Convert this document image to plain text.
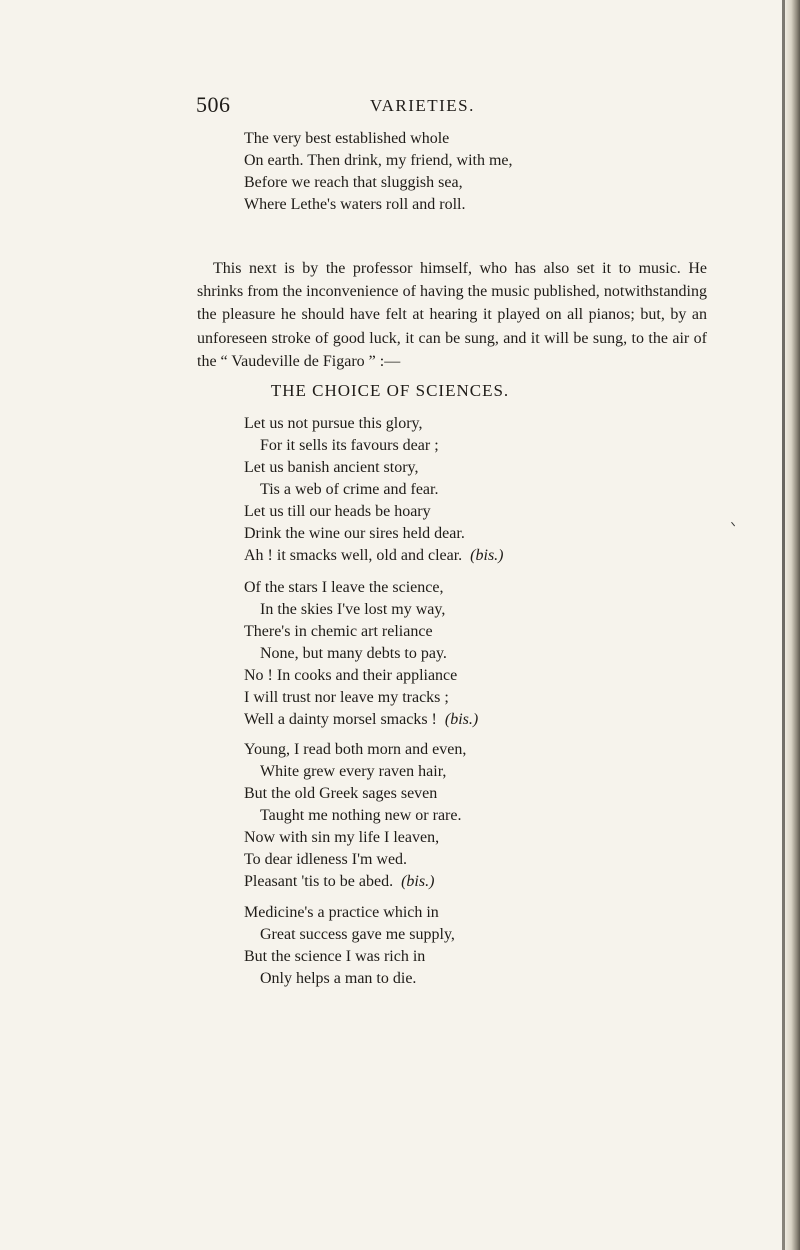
506	VARIETIES.
The very best established whole
On earth. Then drink, my friend, with me,
Before we reach that sluggish sea,
Where Lethe's waters roll and roll.

This next is by the professor himself, who has also set it to music. He shrinks from the inconvenience of having the music published, notwithstanding the pleasure he should have felt at hearing it played on all pianos; but, by an unforeseen stroke of good luck, it can be sung, and it will be sung, to the air of the “ Vaudeville de Figaro ” :—

THE CHOICE OF SCIENCES.
Let us not pursue this glory,
For it sells its favours dear ;
Let us banish ancient story,
Tis a web of crime and fear.
Let us till our heads be hoary
Drink the wine our sires held dear.
Ah ! it smacks well, old and clear. (bis.)
Of the stars I leave the science,
In the skies I've lost my way,
There's in chemic art reliance
None, but many debts to pay.
No ! In cooks and their appliance
I will trust nor leave my tracks ;
Well a dainty morsel smacks ! (bis.)
Young, I read both morn and even,
White grew every raven hair,
But the old Greek sages seven
Taught me nothing new or rare.
Now with sin my life I leaven,
To dear idleness I'm wed.
Pleasant 'tis to be abed. (bis.)
Medicine's a practice which in
Great success gave me supply,
But the science I was rich in
Only helps a man to die.
